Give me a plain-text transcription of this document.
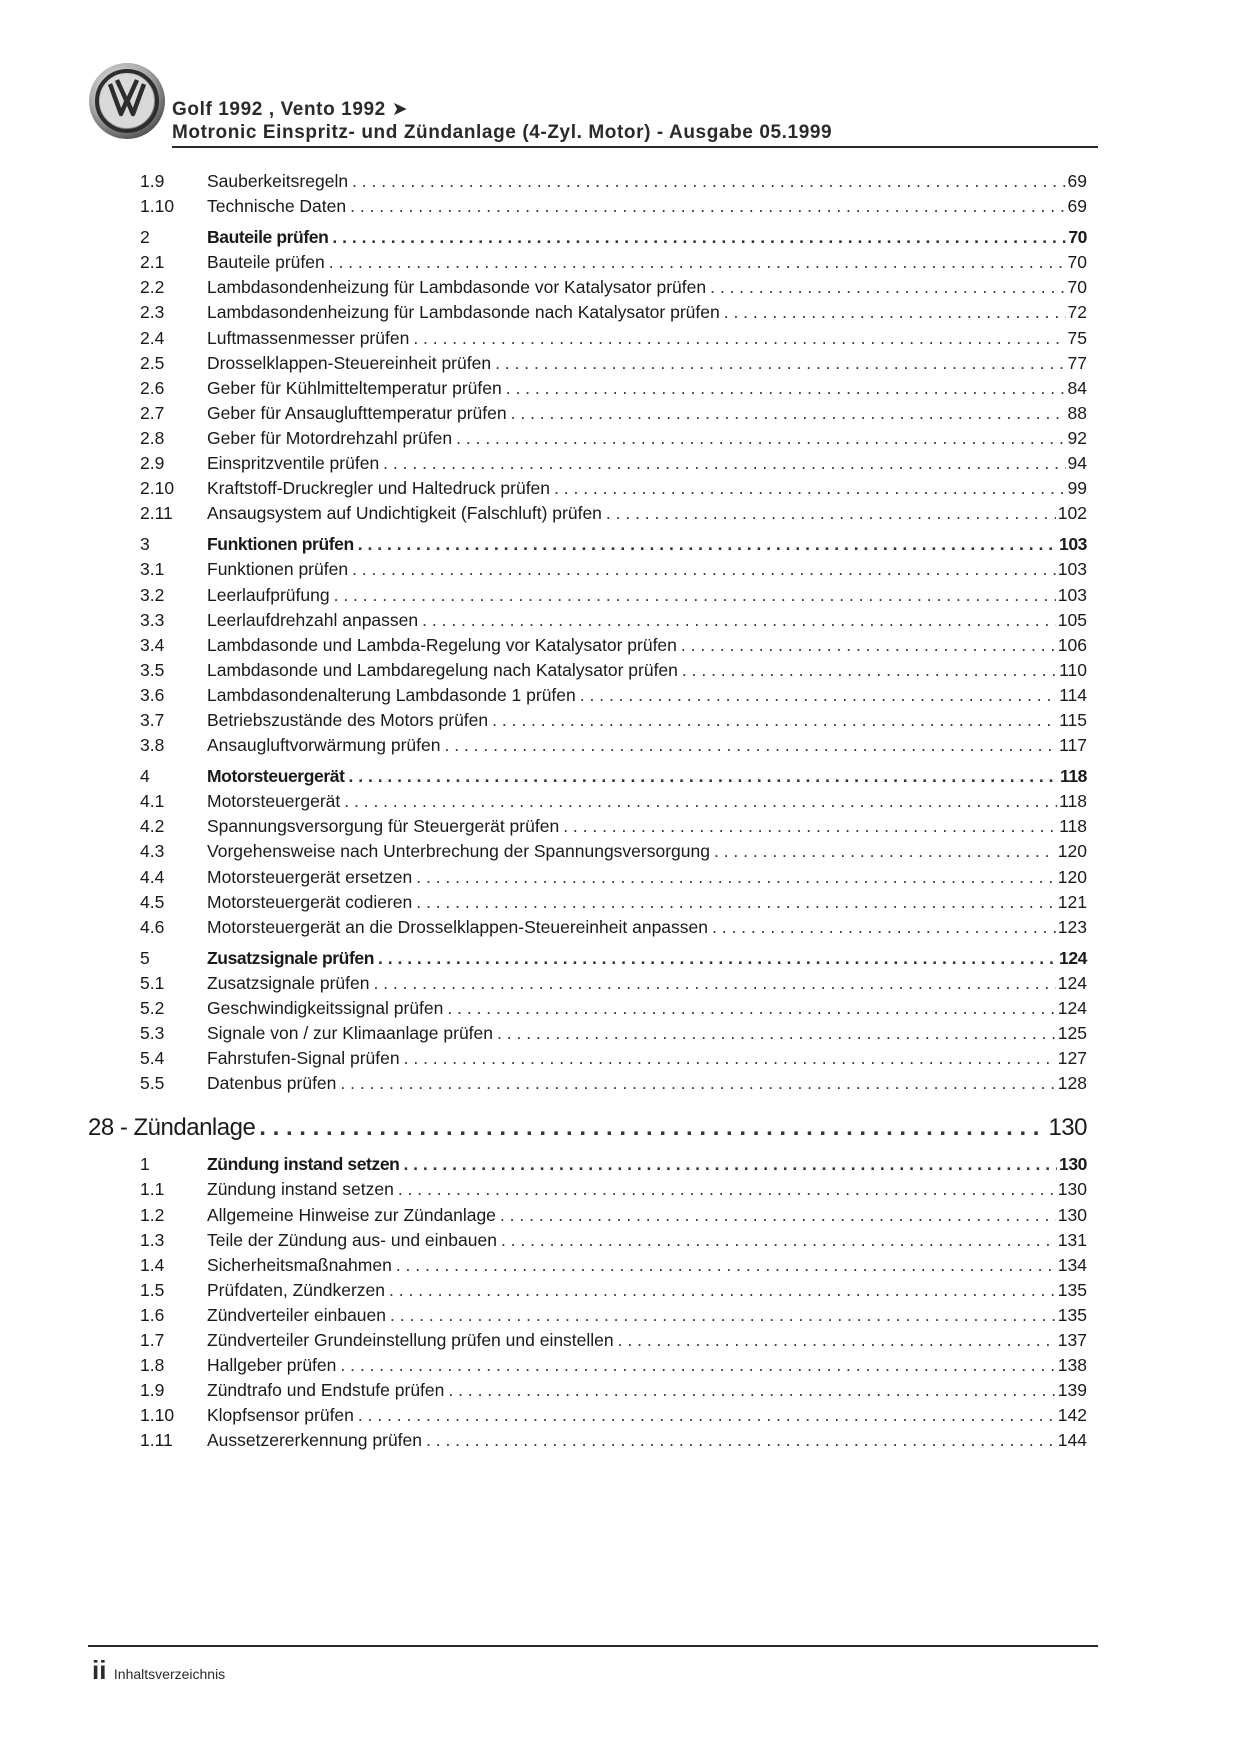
Golf 1992 , Vento 1992 ➤
Motronic Einspritz- und Zündanlage (4-Zyl. Motor) - Ausgabe 05.1999
1.9 Sauberkeitsregeln . . .	69
1.10 Technische Daten . . .	69
2	Bauteile prüfen . . .	70
2.1 Bauteile prüfen . . .	70
2.2 Lambdasondenheizung für Lambdasonde vor Katalysator prüfen . . .	70
2.3 Lambdasondenheizung für Lambdasonde nach Katalysator prüfen . . .	72
2.4 Luftmassenmesser prüfen . . .	75
2.5 Drosselklappen-Steuereinheit prüfen . . .	77
2.6 Geber für Kühlmitteltemperatur prüfen . . .	84
2.7 Geber für Ansauglufttemperatur prüfen . . .	88
2.8 Geber für Motordrehzahl prüfen . . .	92
2.9 Einspritzventile prüfen . . .	94
2.10 Kraftstoff-Druckregler und Haltedruck prüfen . . .	99
2.11 Ansaugsystem auf Undichtigkeit (Falschluft) prüfen . . .	102
3	Funktionen prüfen . . .	103
3.1 Funktionen prüfen . . .	103
3.2 Leerlaufprüfung . . .	103
3.3 Leerlaufdrehzahl anpassen . . .	105
3.4 Lambdasonde und Lambda-Regelung vor Katalysator prüfen . . .	106
3.5 Lambdasonde und Lambdaregelung nach Katalysator prüfen . . .	110
3.6 Lambdasondenalterung Lambdasonde 1 prüfen . . .	114
3.7 Betriebszustände des Motors prüfen . . .	115
3.8 Ansaugluftvorwärmung prüfen . . .	117
4	Motorsteuergerät . . .	118
4.1 Motorsteuergerät . . .	118
4.2 Spannungsversorgung für Steuergerät prüfen . . .	118
4.3 Vorgehensweise nach Unterbrechung der Spannungsversorgung . . .	120
4.4 Motorsteuergerät ersetzen . . .	120
4.5 Motorsteuergerät codieren . . .	121
4.6 Motorsteuergerät an die Drosselklappen-Steuereinheit anpassen . . .	123
5	Zusatzsignale prüfen . . .	124
5.1 Zusatzsignale prüfen . . .	124
5.2 Geschwindigkeitssignal prüfen . . .	124
5.3 Signale von / zur Klimaanlage prüfen . . .	125
5.4 Fahrstufen-Signal prüfen . . .	127
5.5 Datenbus prüfen . . .	128
28 - Zündanlage . . .	130
1	Zündung instand setzen . . .	130
1.1 Zündung instand setzen . . .	130
1.2 Allgemeine Hinweise zur Zündanlage . . .	130
1.3 Teile der Zündung aus- und einbauen . . .	131
1.4 Sicherheitsmaßnahmen . . .	134
1.5 Prüfdaten, Zündkerzen . . .	135
1.6 Zündverteiler einbauen . . .	135
1.7 Zündverteiler Grundeinstellung prüfen und einstellen . . .	137
1.8 Hallgeber prüfen . . .	138
1.9 Zündtrafo und Endstufe prüfen . . .	139
1.10 Klopfsensor prüfen . . .	142
1.11 Aussetzererkennung prüfen . . .	144
ii Inhaltsverzeichnis
